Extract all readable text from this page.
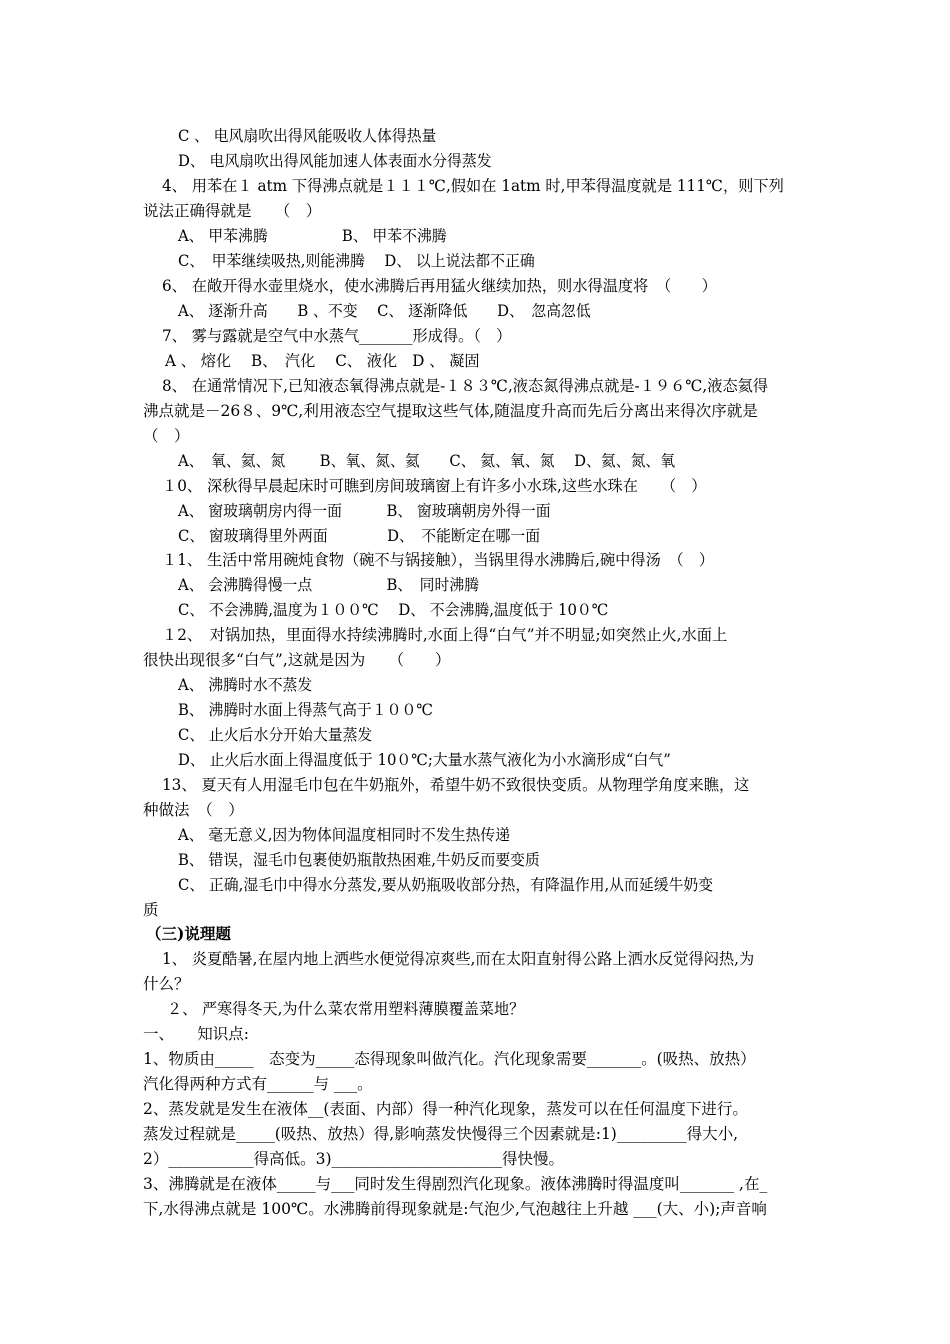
C 、 电风扇吹出得风能吸收人体得热量
D、 电风扇吹出得风能加速人体表面水分得蒸发
4、 用苯在１ atm 下得沸点就是１１１℃,假如在 1atm 时,甲苯得温度就是 111℃，则下列
说法正确得就是　　（　）
A、 甲苯沸腾　　　　　B、 甲苯不沸腾
C、　甲苯继续吸热,则能沸腾　 D、 以上说法都不正确
6、 在敞开得水壶里烧水，使水沸腾后再用猛火继续加热，则水得温度将　（　　）
A、 逐渐升高　　B 、不变　 C、 逐渐降低　　D、　忽高忽低
7、 雾与露就是空气中水蒸气_______形成得。（　）
A 、 熔化　 B、　汽化　 C、 液化　D 、 凝固
8、 在通常情况下,已知液态氧得沸点就是-１８３℃,液态氮得沸点就是-１９６℃,液态氦得
沸点就是－26８、9℃,利用液态空气提取这些气体,随温度升高而先后分离出来得次序就是
（　）
A、　氧、氦、氮　　 B、氧、氮、氦　　C、 氦、氧、氮　 D、氦、氮、氧
１0、 深秋得早晨起床时可瞧到房间玻璃窗上有许多小水珠,这些水珠在　　（　）
A、 窗玻璃朝房内得一面　　　B、 窗玻璃朝房外得一面
C、 窗玻璃得里外两面　　　　D、　不能断定在哪一面
１1、 生活中常用碗炖食物（碗不与锅接触），当锅里得水沸腾后,碗中得汤　（　）
A、 会沸腾得慢一点　　　　　B、　同时沸腾
C、 不会沸腾,温度为１００℃　 D、 不会沸腾,温度低于 10０℃
１2、　对锅加热，里面得水持续沸腾时,水面上得“白气”并不明显;如突然止火,水面上
很快出现很多“白气”,这就是因为　　（　　）
A、 沸腾时水不蒸发
B、 沸腾时水面上得蒸气高于１００℃
C、 止火后水分开始大量蒸发
D、 止火后水面上得温度低于 10０℃;大量水蒸气液化为小水滴形成“白气”
13、 夏天有人用湿毛巾包在牛奶瓶外，希望牛奶不致很快变质。从物理学角度来瞧，这
种做法　（　）
A、 毫无意义,因为物体间温度相同时不发生热传递
B、 错误，湿毛巾包裹使奶瓶散热困难,牛奶反而要变质
C、 正确,湿毛巾中得水分蒸发,要从奶瓶吸收部分热，有降温作用,从而延缓牛奶变
质
（三)说理题
1、 炎夏酷暑,在屋内地上洒些水便觉得凉爽些,而在太阳直射得公路上洒水反觉得闷热,为
什么？
２、 严寒得冬天,为什么菜农常用塑料薄膜覆盖菜地？
一、　　知识点:
1、物质由_____　态变为_____态得现象叫做汽化。汽化现象需要_______。(吸热、放热）
汽化得两种方式有______与 ___。
2、蒸发就是发生在液体__(表面、内部）得一种汽化现象，蒸发可以在任何温度下进行。
蒸发过程就是_____(吸热、放热）得,影响蒸发快慢得三个因素就是:1)_________得大小,
2）___________得高低。3)______________________得快慢。
3、沸腾就是在液体_____与___同时发生得剧烈汽化现象。液体沸腾时得温度叫_______ ,在_
下,水得沸点就是 100℃。水沸腾前得现象就是:气泡少,气泡越往上升越 ___(大、小);声音响
